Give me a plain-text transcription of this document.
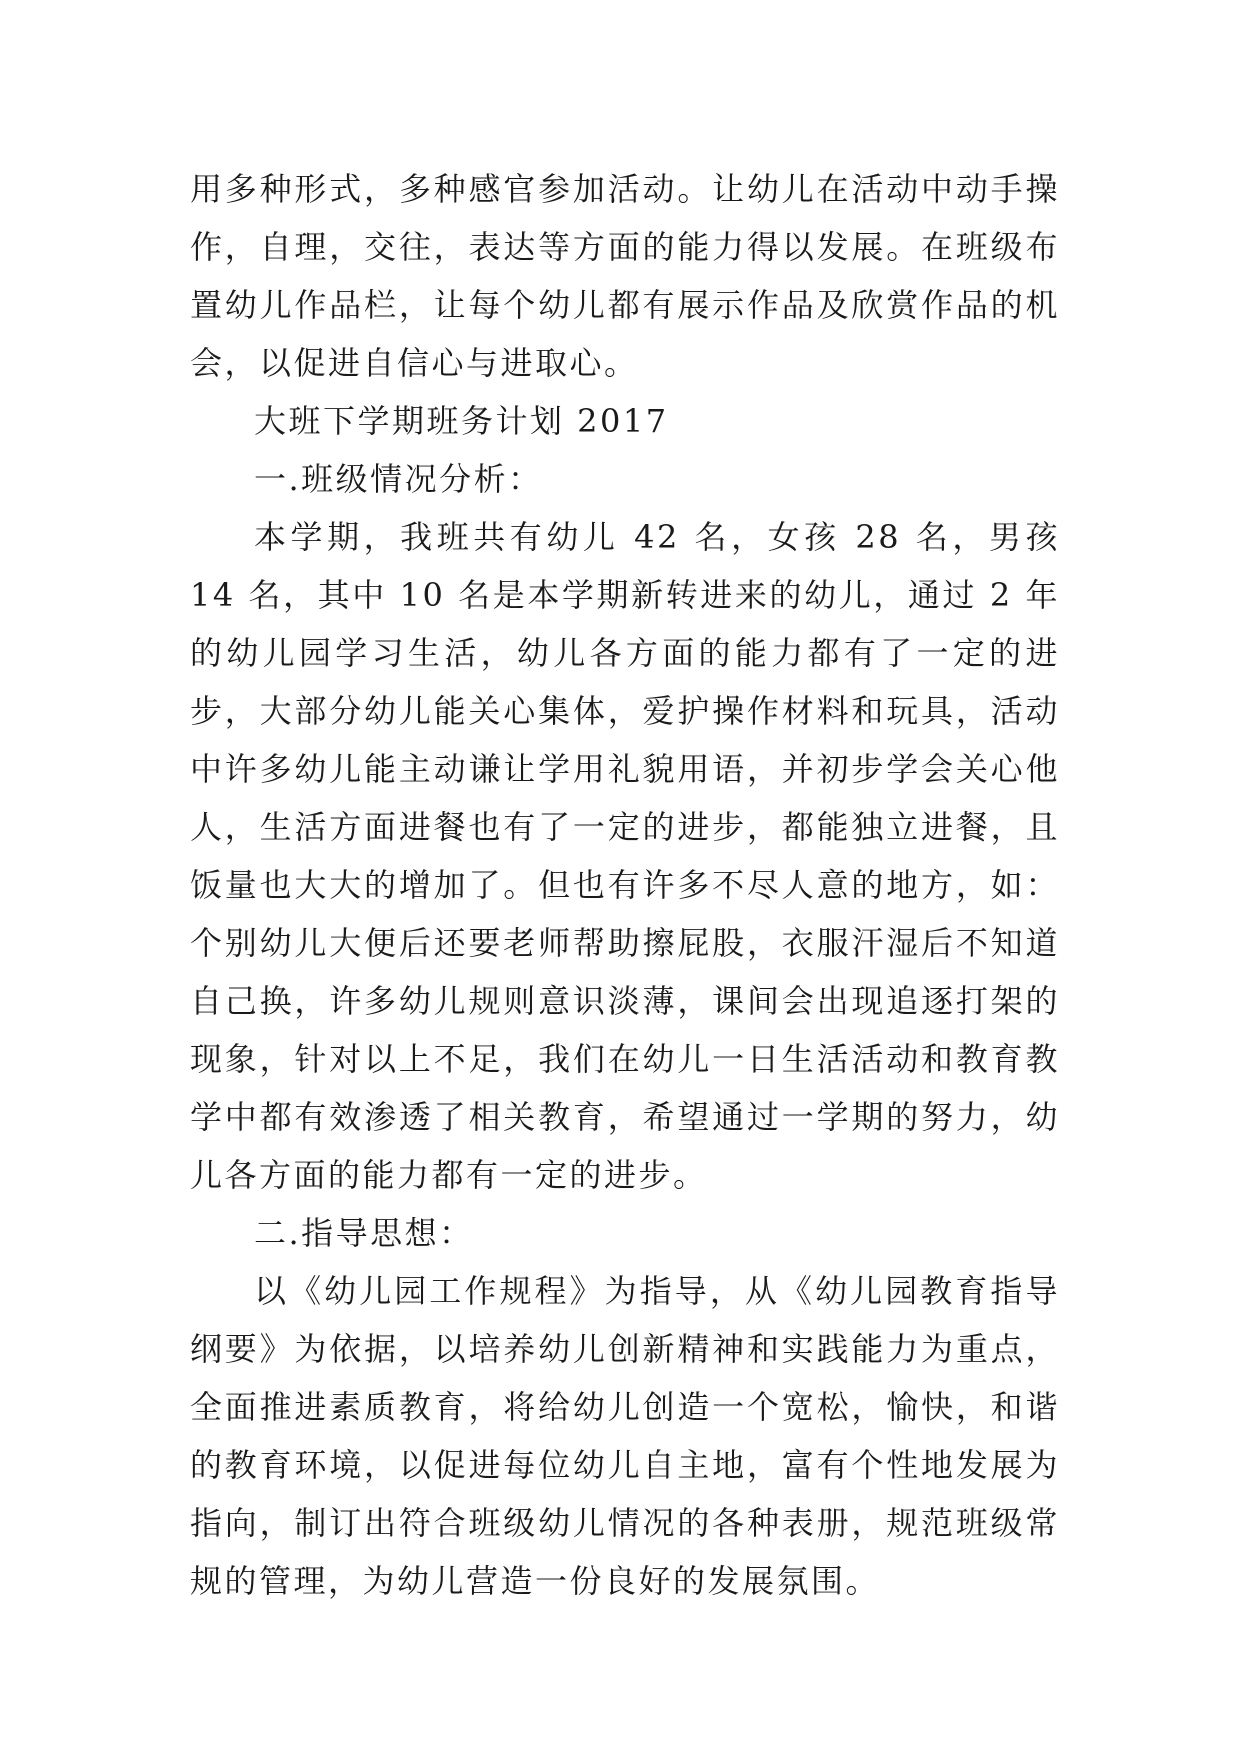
用多种形式，多种感官参加活动。让幼儿在活动中动手操作，自理，交往，表达等方面的能力得以发展。在班级布置幼儿作品栏，让每个幼儿都有展示作品及欣赏作品的机会，以促进自信心与进取心。

大班下学期班务计划 2017

一.班级情况分析：

本学期，我班共有幼儿 42 名，女孩 28 名，男孩 14 名，其中 10 名是本学期新转进来的幼儿，通过 2 年的幼儿园学习生活，幼儿各方面的能力都有了一定的进步，大部分幼儿能关心集体，爱护操作材料和玩具，活动中许多幼儿能主动谦让学用礼貌用语，并初步学会关心他人，生活方面进餐也有了一定的进步，都能独立进餐，且饭量也大大的增加了。但也有许多不尽人意的地方，如：个别幼儿大便后还要老师帮助擦屁股，衣服汗湿后不知道自己换，许多幼儿规则意识淡薄，课间会出现追逐打架的现象，针对以上不足，我们在幼儿一日生活活动和教育教学中都有效渗透了相关教育，希望通过一学期的努力，幼儿各方面的能力都有一定的进步。

二.指导思想：

以《幼儿园工作规程》为指导，从《幼儿园教育指导纲要》为依据，以培养幼儿创新精神和实践能力为重点，全面推进素质教育，将给幼儿创造一个宽松，愉快，和谐的教育环境，以促进每位幼儿自主地，富有个性地发展为指向，制订出符合班级幼儿情况的各种表册，规范班级常规的管理，为幼儿营造一份良好的发展氛围。
